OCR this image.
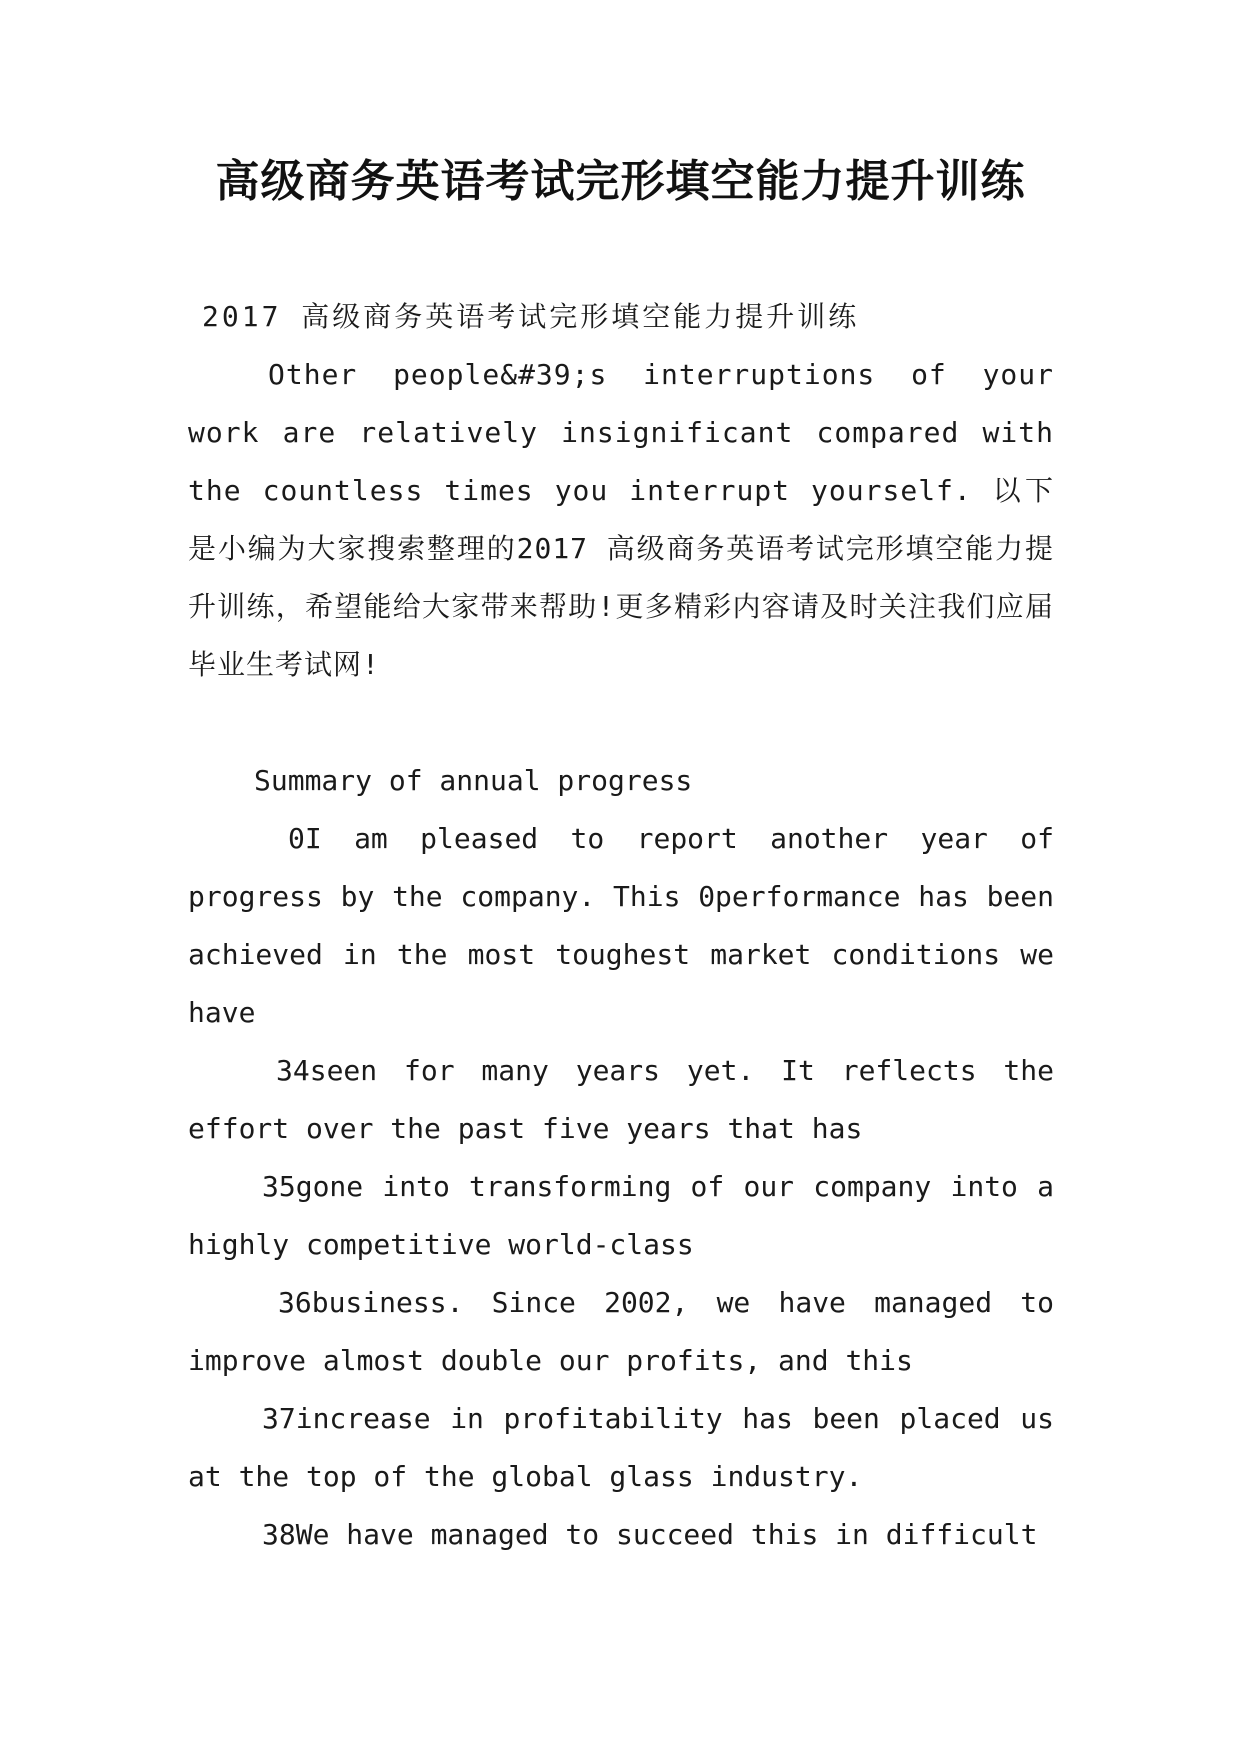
高级商务英语考试完形填空能力提升训练

2017 高级商务英语考试完形填空能力提升训练

Other people&#39;s interruptions of your work are relatively insignificant compared with the countless times you interrupt yourself. 以下是小编为大家搜索整理的2017 高级商务英语考试完形填空能力提升训练，希望能给大家带来帮助!更多精彩内容请及时关注我们应届毕业生考试网!

Summary of annual progress

0I am pleased to report another year of progress by the company. This 0performance has been achieved in the most toughest market conditions we have

34seen for many years yet. It reflects the effort over the past five years that has

35gone into transforming of our company into a highly competitive world-class

36business. Since 2002, we have managed to improve almost double our profits, and this

37increase in profitability has been placed us at the top of the global glass industry.

38We have managed to succeed this in difficult
